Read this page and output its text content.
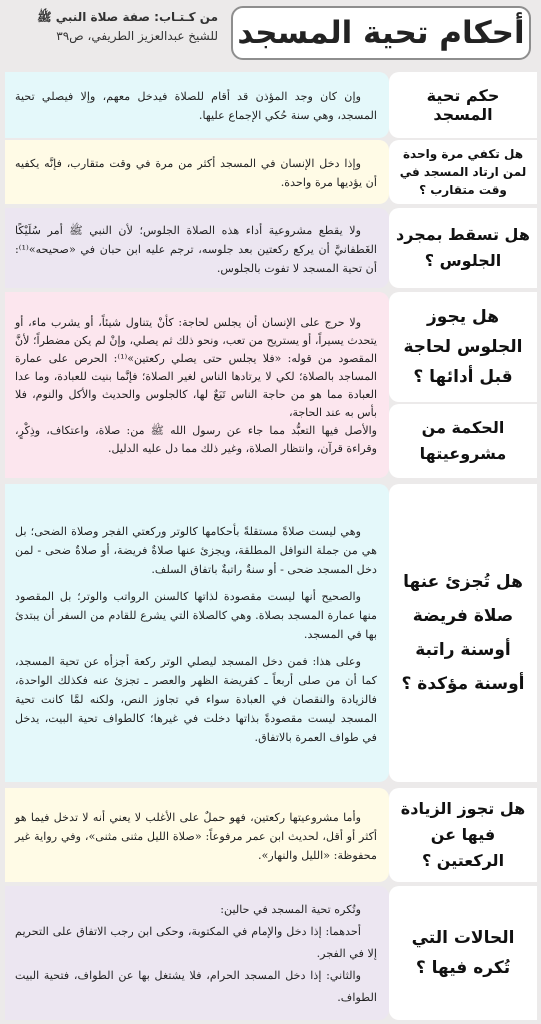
أحكام تحية المسجد
من كـتـاب: صفة صلاة النبي ﷺ
للشيخ عبدالعزيز الطريفي، ص٣٩
حكم تحية المسجد

وإن كان وجد المؤذن قد أقام للصلاة فيدخل معهم، وإلا فيصلي تحية المسجد، وهي سنة حُكي الإجماع عليها.

هل تكفي مرة واحدة لمن ارتاد المسجد في وقت متقارب ؟

وإذا دخل الإنسان في المسجد أكثر من مرة في وقت متقارب، فإنَّه يكفيه أن يؤديها مرة واحدة.

هل تسقط بمجرد الجلوس ؟

ولا يقطع مشروعية أداء هذه الصلاة الجلوس؛ لأن النبي ﷺ أمر سُلَيْكًا الغَطفانيَّ أن يركع ركعتين بعد جلوسه، ترجم عليه ابن حبان في «صحيحه»⁽¹⁾: أن تحية المسجد لا تفوت بالجلوس.

هل يجوز الجلوس لحاجة قبل أدائها ؟
الحكمة من مشروعيتها

ولا حرج على الإنسان أن يجلس لحاجة: كأنْ يتناول شيئاً، أو يشرب ماء، أو يتحدث يسيراً، أو يستريح من تعب، ونحو ذلك ثم يصلي، وإنْ لم يكن مضطراً؛ لأنَّ المقصود من قوله: «فلا يجلس حتى يصلي ركعتين»⁽¹⁾: الحرص على عمارة المساجد بالصلاة؛ لكي لا يرتادها الناس لغير الصلاة؛ فإنَّما بنيت للعبادة، وما عدا العبادة مما هو من حاجة الناس تَبَعٌ لها، كالجلوس والحديث والأكل والنوم، فلا بأس به عند الحاجة،

والأصل فيها التعبُّد مما جاء عن رسول الله ﷺ من: صلاة، واعتكاف، وذِكْرٍ، وقراءة قرآن، وانتظار الصلاة، وغير ذلك مما دل عليه الدليل.

هل تُجزئ عنها صلاة فريضة أوسنة راتبة أوسنة مؤكدة ؟

وهي ليست صلاةً مستقلةً بأحكامها كالوتر وركعتي الفجر وصلاة الضحى؛ بل هي من جملة النوافل المطلقة، ويجزئ عنها صلاةٌ فريضة، أو صلاةٌ ضحى - لمن دخل المسجد ضحى - أو سنةٌ راتبةٌ باتفاق السلف.

والصحيح أنها ليست مقصودة لذاتها كالسنن الرواتب والوتر؛ بل المقصود منها عمارة المسجد بصلاة. وهي كالصلاة التي يشرع للقادم من السفر أن يبتدئ بها في المسجد.

وعلى هذا: فمن دخل المسجد ليصلي الوتر ركعة أجزأه عن تحية المسجد، كما أن من صلى أربعاً ـ كفريضة الظهر والعصر ـ تجزئ عنه فكذلك الواحدة، فالزيادة والنقصان في العبادة سواء في تجاوز النص، ولكنه لمَّا كانت تحية المسجد ليست مقصودةً بذاتها دخلت في غيرها؛ كالطواف تحية البيت، يدخل في طواف العمرة بالاتفاق.

هل تجوز الزيادة فيها عن الركعتين ؟

وأما مشروعيتها ركعتين، فهو حملٌ على الأغلب لا يعني أنه لا تدخل فيما هو أكثر أو أقل، لحديث ابن عمر مرفوعاً: «صلاة الليل مثنى مثنى»، وفي رواية غير محفوظة: «الليل والنهار».

الحالات التي تُكره فيها ؟

وتُكره تحية المسجد في حالين:

أحدهما: إذا دخل والإمام في المكتوبة، وحكى ابن رجب الاتفاق على التحريم إلا في الفجر.

والثاني: إذا دخل المسجد الحرام، فلا يشتغل بها عن الطواف، فتحية البيت الطواف.
